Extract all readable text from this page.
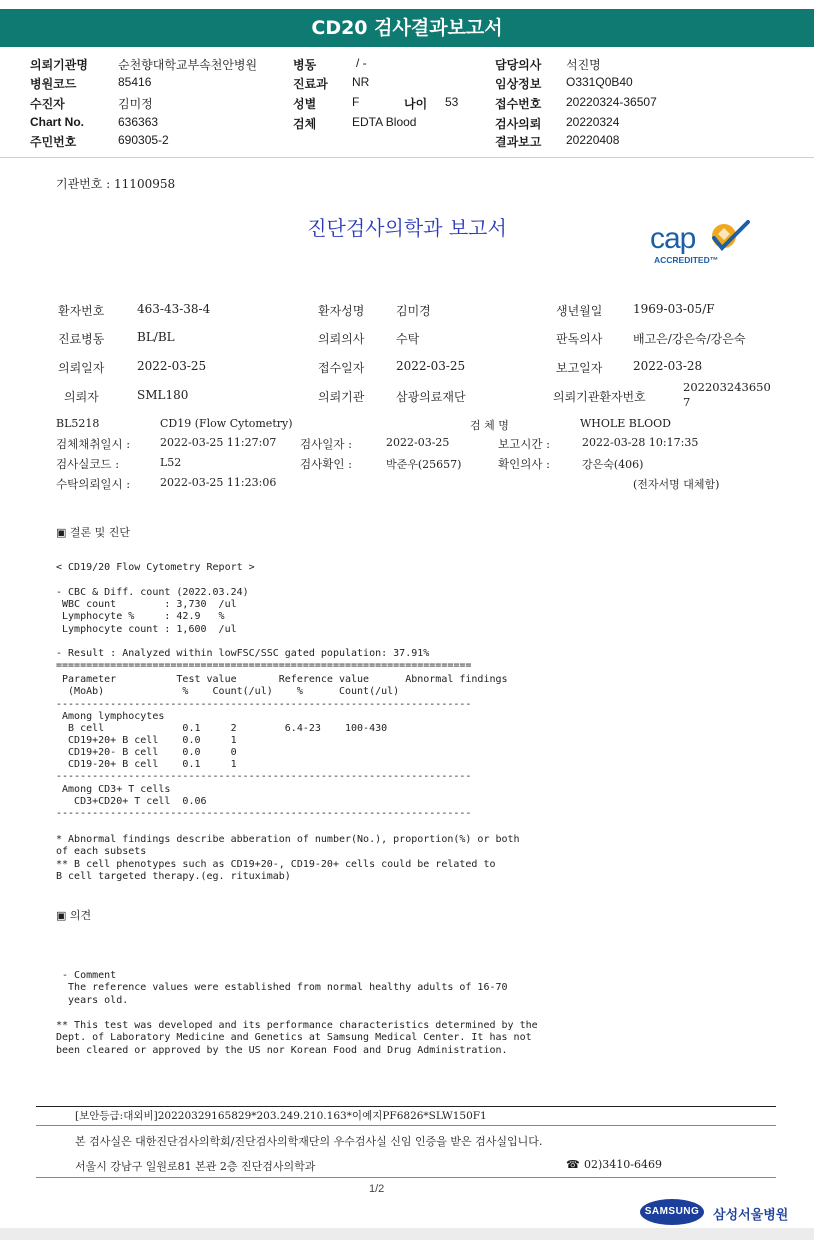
CD20 검사결과보고서
의뢰기관명	순천향대학교부속천안병원
병원코드	85416
수진자	김미정
Chart No.	636363
주민번호	690305-2
병동	/ -
진료과 NR
성별	F	나이 53
검체	EDTA Blood
담당의사 석진명
임상정보 O331Q0B40
접수번호 20220324-36507
검사의뢰 20220324
결과보고 20220408
기관번호 : 11100958
진단검사의학과 보고서	cap
ACCREDITED™
환자번호	463-43-38-4	환자성명	김미경	생년월일	1969-03-05/F
진료병동	BL/BL	의뢰의사	수탁	판독의사	배고은/강은숙/강은숙
의뢰일자	2022-03-25	접수일자	2022-03-25	보고일자	2022-03-28
의뢰자	SML180	의뢰기관	삼광의료재단	의뢰기관환자번호
202203243650
7
BL5218	CD19 (Flow Cytometry)	검 체 명	WHOLE BLOOD
검체채취일시 :	2022-03-25 11:27:07 검사일자 :	2022-03-25	보고시간 :	2022-03-28 10:17:35
검사실코드 :	L52	검사확인 :	박준우(25657)	확인의사 :	강은숙(406)
수탁의뢰일시 :	2022-03-25 11:23:06	(전자서명 대체함)
▣ 결론 및 진단
< CD19/20 Flow Cytometry Report >
- CBC & Diff. count (2022.03.24)
WBC count        : 3,730  /ul
Lymphocyte %     : 42.9   %
Lymphocyte count : 1,600  /ul
- Result : Analyzed within lowFSC/SSC gated population: 37.91%
=====================================================================
Parameter          Test value       Reference value      Abnormal findings
(MoAb)             %    Count(/ul)    %      Count(/ul)
---------------------------------------------------------------------
Among lymphocytes
B cell             0.1     2        6.4-23    100-430
CD19+20+ B cell    0.0     1
CD19+20- B cell    0.0     0
CD19-20+ B cell    0.1     1
---------------------------------------------------------------------
Among CD3+ T cells
CD3+CD20+ T cell  0.06
---------------------------------------------------------------------
* Abnormal findings describe abberation of number(No.), proportion(%) or both
of each subsets
** B cell phenotypes such as CD19+20-, CD19-20+ cells could be related to
B cell targeted therapy.(eg. rituximab)
▣ 의견
- Comment
The reference values were established from normal healthy adults of 16-70
years old.
** This test was developed and its performance characteristics determined by the
Dept. of Laboratory Medicine and Genetics at Samsung Medical Center. It has not
been cleared or approved by the US nor Korean Food and Drug Administration.
[보안등급:대외비]20220329165829*203.249.210.163*이예지PF6826*SLW150F1
본 검사실은 대한진단검사의학회/진단검사의학재단의 우수검사실 신임 인증을 받은 검사실입니다.
서울시 강남구 일원로81 본관 2층 진단검사의학과	☎ 02)3410-6469
1/2
SAMSUNG	삼성서울병원
